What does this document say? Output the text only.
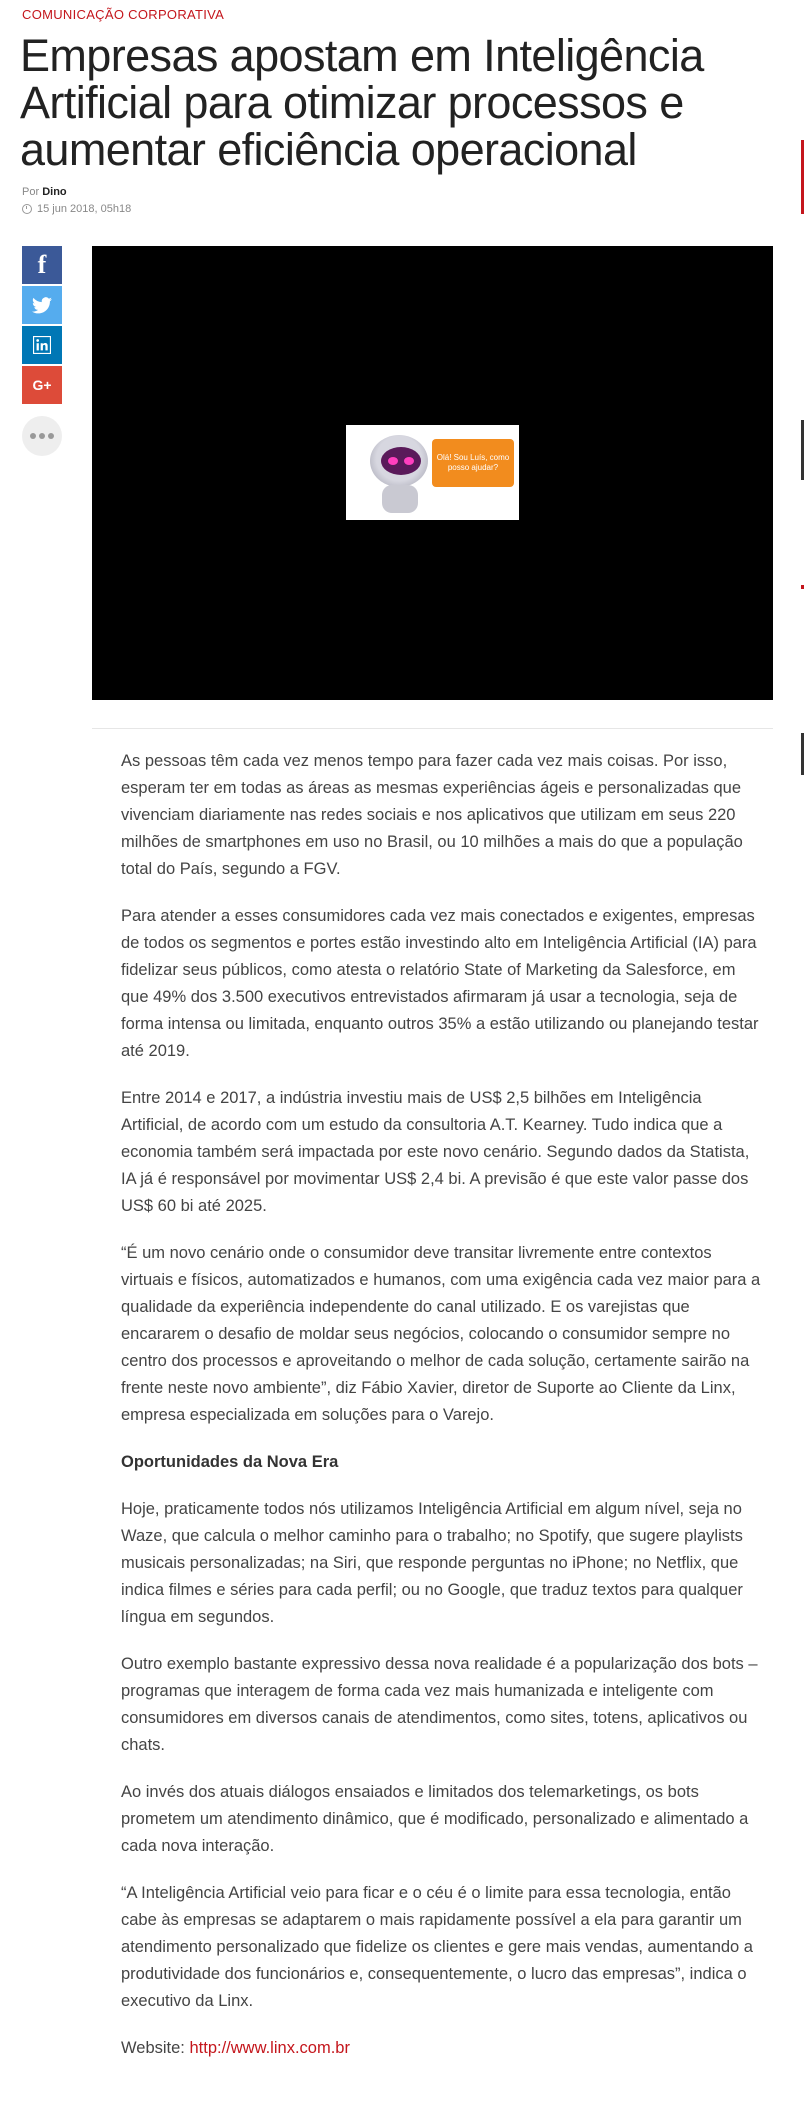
COMUNICAÇÃO CORPORATIVA
Empresas apostam em Inteligência Artificial para otimizar processos e aumentar eficiência operacional
Por Dino
15 jun 2018, 05h18
f
G+
Olá! Sou Luís, como posso ajudar?

As pessoas têm cada vez menos tempo para fazer cada vez mais coisas. Por isso, esperam ter em todas as áreas as mesmas experiências ágeis e personalizadas que vivenciam diariamente nas redes sociais e nos aplicativos que utilizam em seus 220 milhões de smartphones em uso no Brasil, ou 10 milhões a mais do que a população total do País, segundo a FGV.

Para atender a esses consumidores cada vez mais conectados e exigentes, empresas de todos os segmentos e portes estão investindo alto em Inteligência Artificial (IA) para fidelizar seus públicos, como atesta o relatório State of Marketing da Salesforce, em que 49% dos 3.500 executivos entrevistados afirmaram já usar a tecnologia, seja de forma intensa ou limitada, enquanto outros 35% a estão utilizando ou planejando testar até 2019.

Entre 2014 e 2017, a indústria investiu mais de US$ 2,5 bilhões em Inteligência Artificial, de acordo com um estudo da consultoria A.T. Kearney. Tudo indica que a economia também será impactada por este novo cenário. Segundo dados da Statista, IA já é responsável por movimentar US$ 2,4 bi. A previsão é que este valor passe dos US$ 60 bi até 2025.

“É um novo cenário onde o consumidor deve transitar livremente entre contextos virtuais e físicos, automatizados e humanos, com uma exigência cada vez maior para a qualidade da experiência independente do canal utilizado. E os varejistas que encararem o desafio de moldar seus negócios, colocando o consumidor sempre no centro dos processos e aproveitando o melhor de cada solução, certamente sairão na frente neste novo ambiente”, diz Fábio Xavier, diretor de Suporte ao Cliente da Linx, empresa especializada em soluções para o Varejo.

Oportunidades da Nova Era

Hoje, praticamente todos nós utilizamos Inteligência Artificial em algum nível, seja no Waze, que calcula o melhor caminho para o trabalho; no Spotify, que sugere playlists musicais personalizadas; na Siri, que responde perguntas no iPhone; no Netflix, que indica filmes e séries para cada perfil; ou no Google, que traduz textos para qualquer língua em segundos.

Outro exemplo bastante expressivo dessa nova realidade é a popularização dos bots – programas que interagem de forma cada vez mais humanizada e inteligente com consumidores em diversos canais de atendimentos, como sites, totens, aplicativos ou chats.

Ao invés dos atuais diálogos ensaiados e limitados dos telemarketings, os bots prometem um atendimento dinâmico, que é modificado, personalizado e alimentado a cada nova interação.

“A Inteligência Artificial veio para ficar e o céu é o limite para essa tecnologia, então cabe às empresas se adaptarem o mais rapidamente possível a ela para garantir um atendimento personalizado que fidelize os clientes e gere mais vendas, aumentando a produtividade dos funcionários e, consequentemente, o lucro das empresas”, indica o executivo da Linx.

Website: http://www.linx.com.br
